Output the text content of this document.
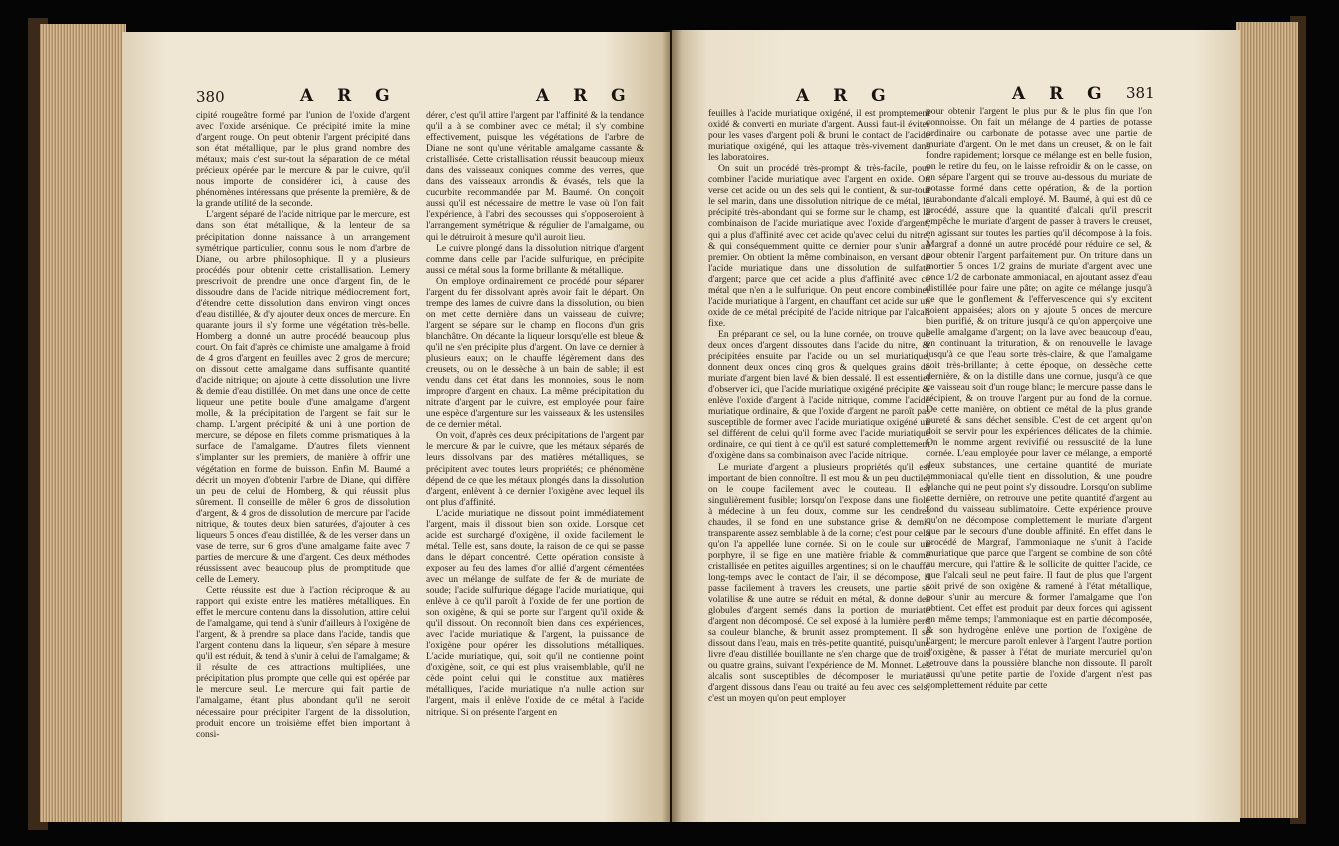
380	A R G	A R G

cipité rougeâtre formé par l'union de l'oxide d'argent avec l'oxide arsénique. Ce précipité imite la mine d'argent rouge. On peut obtenir l'argent précipité dans son état métallique, par le plus grand nombre des métaux; mais c'est sur-tout la séparation de ce métal précieux opérée par le mercure & par le cuivre, qu'il nous importe de considérer ici, à cause des phénomènes intéressans que présente la première, & de la grande utilité de la seconde.

L'argent séparé de l'acide nitrique par le mercure, est dans son état métallique, & la lenteur de sa précipitation donne naissance à un arrangement symétrique particulier, connu sous le nom d'arbre de Diane, ou arbre philosophique. Il y a plusieurs procédés pour obtenir cette cristallisation. Lemery prescrivoit de prendre une once d'argent fin, de le dissoudre dans de l'acide nitrique médiocrement fort, d'étendre cette dissolution dans environ vingt onces d'eau distillée, & d'y ajouter deux onces de mercure. En quarante jours il s'y forme une végétation très-belle. Homberg a donné un autre procédé beaucoup plus court. On fait d'après ce chimiste une amalgame à froid de 4 gros d'argent en feuilles avec 2 gros de mercure; on dissout cette amalgame dans suffisante quantité d'acide nitrique; on ajoute à cette dissolution une livre & demie d'eau distillée. On met dans une once de cette liqueur une petite boule d'une amalgame d'argent molle, & la précipitation de l'argent se fait sur le champ. L'argent précipité & uni à une portion de mercure, se dépose en filets comme prismatiques à la surface de l'amalgame. D'autres filets viennent s'implanter sur les premiers, de manière à offrir une végétation en forme de buisson. Enfin M. Baumé a décrit un moyen d'obtenir l'arbre de Diane, qui diffère un peu de celui de Homberg, & qui réussit plus sûrement. Il conseille de mêler 6 gros de dissolution d'argent, & 4 gros de dissolution de mercure par l'acide nitrique, & toutes deux bien saturées, d'ajouter à ces liqueurs 5 onces d'eau distillée, & de les verser dans un vase de terre, sur 6 gros d'une amalgame faite avec 7 parties de mercure & une d'argent. Ces deux méthodes réussissent avec beaucoup plus de promptitude que celle de Lemery.

Cette réussite est due à l'action réciproque & au rapport qui existe entre les matières métalliques. En effet le mercure contenu dans la dissolution, attire celui de l'amalgame, qui tend à s'unir d'ailleurs à l'oxigène de l'argent, & à prendre sa place dans l'acide, tandis que l'argent contenu dans la liqueur, s'en sépare à mesure qu'il est réduit, & tend à s'unir à celui de l'amalgame; & il résulte de ces attractions multipliées, une précipitation plus prompte que celle qui est opérée par le mercure seul. Le mercure qui fait partie de l'amalgame, étant plus abondant qu'il ne seroit nécessaire pour précipiter l'argent de la dissolution, produit encore un troisième effet bien important à consi-

dérer, c'est qu'il attire l'argent par l'affinité & la tendance qu'il a à se combiner avec ce métal; il s'y combine effectivement, puisque les végétations de l'arbre de Diane ne sont qu'une véritable amalgame cassante & cristallisée. Cette cristallisation réussit beaucoup mieux dans des vaisseaux coniques comme des verres, que dans des vaisseaux arrondis & évasés, tels que la cucurbite recommandée par M. Baumé. On conçoit aussi qu'il est nécessaire de mettre le vase où l'on fait l'expérience, à l'abri des secousses qui s'opposeroient à l'arrangement symétrique & régulier de l'amalgame, ou qui le détruiroit à mesure qu'il auroit lieu.

Le cuivre plongé dans la dissolution nitrique d'argent comme dans celle par l'acide sulfurique, en précipite aussi ce métal sous la forme brillante & métallique.

On employe ordinairement ce procédé pour séparer l'argent du fer dissolvant après avoir fait le départ. On trempe des lames de cuivre dans la dissolution, ou bien on met cette dernière dans un vaisseau de cuivre; l'argent se sépare sur le champ en flocons d'un gris blanchâtre. On décante la liqueur lorsqu'elle est bleue & qu'il ne s'en précipite plus d'argent. On lave ce dernier à plusieurs eaux; on le chauffe légèrement dans des creusets, ou on le dessèche à un bain de sable; il est vendu dans cet état dans les monnoies, sous le nom impropre d'argent en chaux. La même précipitation du nitrate d'argent par le cuivre, est employée pour faire une espèce d'argenture sur les vaisseaux & les ustensiles de ce dernier métal.

On voit, d'après ces deux précipitations de l'argent par le mercure & par le cuivre, que les métaux séparés de leurs dissolvans par des matières métalliques, se précipitent avec toutes leurs propriétés; ce phénomène dépend de ce que les métaux plongés dans la dissolution d'argent, enlèvent à ce dernier l'oxigène avec lequel ils ont plus d'affinité.

L'acide muriatique ne dissout point immédiatement l'argent, mais il dissout bien son oxide. Lorsque cet acide est surchargé d'oxigène, il oxide facilement le métal. Telle est, sans doute, la raison de ce qui se passe dans le départ concentré. Cette opération consiste à exposer au feu des lames d'or allié d'argent cémentées avec un mélange de sulfate de fer & de muriate de soude; l'acide sulfurique dégage l'acide muriatique, qui enlève à ce qu'il paroît à l'oxide de fer une portion de son oxigène, & qui se porte sur l'argent qu'il oxide & qu'il dissout. On reconnoît bien dans ces expériences, avec l'acide muriatique & l'argent, la puissance de l'oxigène pour opérer les dissolutions métalliques. L'acide muriatique, qui, soit qu'il ne contienne point d'oxigène, soit, ce qui est plus vraisemblable, qu'il ne cède point celui qui le constitue aux matières métalliques, l'acide muriatique n'a nulle action sur l'argent, mais il enlève l'oxide de ce métal à l'acide nitrique. Si on présente l'argent en

A R G	A R G 381

feuilles à l'acide muriatique oxigéné, il est promptement oxidé & converti en muriate d'argent. Aussi faut-il éviter pour les vases d'argent poli & bruni le contact de l'acide muriatique oxigéné, qui les attaque très-vivement dans les laboratoires.

On suit un procédé très-prompt & très-facile, pour combiner l'acide muriatique avec l'argent en oxide. On verse cet acide ou un des sels qui le contient, & sur-tout le sel marin, dans une dissolution nitrique de ce métal, le précipité très-abondant qui se forme sur le champ, est la combinaison de l'acide muriatique avec l'oxide d'argent, qui a plus d'affinité avec cet acide qu'avec celui du nitre, & qui conséquemment quitte ce dernier pour s'unir au premier. On obtient la même combinaison, en versant de l'acide muriatique dans une dissolution de sulfate d'argent; parce que cet acide a plus d'affinité avec ce métal que n'en a le sulfurique. On peut encore combiner l'acide muriatique à l'argent, en chauffant cet acide sur un oxide de ce métal précipité de l'acide nitrique par l'alcali fixe.

En préparant ce sel, ou la lune cornée, on trouve que deux onces d'argent dissoutes dans l'acide du nitre, & précipitées ensuite par l'acide ou un sel muriatique, donnent deux onces cinq gros & quelques grains de muriate d'argent bien lavé & bien dessalé. Il est essentiel d'observer ici, que l'acide muriatique oxigéné précipite & enlève l'oxide d'argent à l'acide nitrique, comme l'acide muriatique ordinaire, & que l'oxide d'argent ne paroît pas susceptible de former avec l'acide muriatique oxigéné un sel différent de celui qu'il forme avec l'acide muriatique ordinaire, ce qui tient à ce qu'il est saturé complettement d'oxigène dans sa combinaison avec l'acide nitrique.

Le muriate d'argent a plusieurs propriétés qu'il est important de bien connoître. Il est mou & un peu ductile, on le coupe facilement avec le couteau. Il est singulièrement fusible; lorsqu'on l'expose dans une fiole à médecine à un feu doux, comme sur les cendres chaudes, il se fond en une substance grise & demi-transparente assez semblable à de la corne; c'est pour cela qu'on l'a appellée lune cornée. Si on le coule sur un porphyre, il se fige en une matière friable & comme cristallisée en petites aiguilles argentines; si on le chauffe long-temps avec le contact de l'air, il se décompose, il passe facilement à travers les creusets, une partie se volatilise & une autre se réduit en métal, & donne des globules d'argent semés dans la portion de muriate d'argent non décomposé. Ce sel exposé à la lumière perd sa couleur blanche, & brunit assez promptement. Il se dissout dans l'eau, mais en très-petite quantité, puisqu'une livre d'eau distillée bouillante ne s'en charge que de trois ou quatre grains, suivant l'expérience de M. Monnet. Les alcalis sont susceptibles de décomposer le muriate d'argent dissous dans l'eau ou traité au feu avec ces sels; c'est un moyen qu'on peut employer

pour obtenir l'argent le plus pur & le plus fin que l'on connoisse. On fait un mélange de 4 parties de potasse ordinaire ou carbonate de potasse avec une partie de muriate d'argent. On le met dans un creuset, & on le fait fondre rapidement; lorsque ce mélange est en belle fusion, on le retire du feu, on le laisse refroidir & on le casse, on en sépare l'argent qui se trouve au-dessous du muriate de potasse formé dans cette opération, & de la portion surabondante d'alcali employé. M. Baumé, à qui est dû ce procédé, assure que la quantité d'alcali qu'il prescrit empêche le muriate d'argent de passer à travers le creuset, en agissant sur toutes les parties qu'il décompose à la fois. Margraf a donné un autre procédé pour réduire ce sel, & pour obtenir l'argent parfaitement pur. On triture dans un mortier 5 onces 1/2 grains de muriate d'argent avec une once 1/2 de carbonate ammoniacal, en ajoutant assez d'eau distillée pour faire une pâte; on agite ce mélange jusqu'à ce que le gonflement & l'effervescence qui s'y excitent soient appaisées; alors on y ajoute 5 onces de mercure bien purifié, & on triture jusqu'à ce qu'on apperçoive une belle amalgame d'argent; on la lave avec beaucoup d'eau, en continuant la trituration, & on renouvelle le lavage jusqu'à ce que l'eau sorte très-claire, & que l'amalgame soit très-brillante; à cette époque, on dessèche cette dernière, & on la distille dans une cornue, jusqu'à ce que ce vaisseau soit d'un rouge blanc; le mercure passe dans le récipient, & on trouve l'argent pur au fond de la cornue. De cette manière, on obtient ce métal de la plus grande pureté & sans déchet sensible. C'est de cet argent qu'on doit se servir pour les expériences délicates de la chimie. On le nomme argent revivifié ou ressuscité de la lune cornée. L'eau employée pour laver ce mélange, a emporté deux substances, une certaine quantité de muriate ammoniacal qu'elle tient en dissolution, & une poudre blanche qui ne peut point s'y dissoudre. Lorsqu'on sublime cette dernière, on retrouve une petite quantité d'argent au fond du vaisseau sublimatoire. Cette expérience prouve qu'on ne décompose complettement le muriate d'argent que par le secours d'une double affinité. En effet dans le procédé de Margraf, l'ammoniaque ne s'unit à l'acide muriatique que parce que l'argent se combine de son côté au mercure, qui l'attire & le sollicite de quitter l'acide, ce que l'alcali seul ne peut faire. Il faut de plus que l'argent soit privé de son oxigène & ramené à l'état métallique, pour s'unir au mercure & former l'amalgame que l'on obtient. Cet effet est produit par deux forces qui agissent en même temps; l'ammoniaque est en partie décomposée, & son hydrogène enlève une portion de l'oxigène de l'argent; le mercure paroît enlever à l'argent l'autre portion d'oxigène, & passer à l'état de muriate mercuriel qu'on retrouve dans la poussière blanche non dissoute. Il paroît aussi qu'une petite partie de l'oxide d'argent n'est pas complettement réduite par cette
